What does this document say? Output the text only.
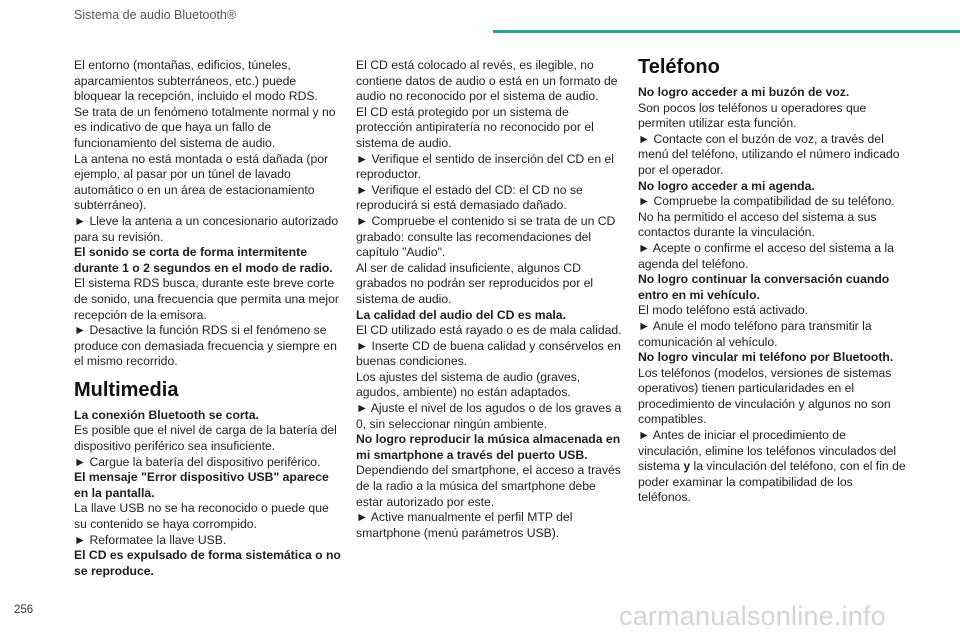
Sistema de audio Bluetooth®

El entorno (montañas, edificios, túneles, aparcamientos subterráneos, etc.) puede bloquear la recepción, incluido el modo RDS.

Se trata de un fenómeno totalmente normal y no es indicativo de que haya un fallo de funcionamiento del sistema de audio.

La antena no está montada o está dañada (por ejemplo, al pasar por un túnel de lavado automático o en un área de estacionamiento subterráneo).

► Lleve la antena a un concesionario autorizado para su revisión.

El sonido se corta de forma intermitente durante 1 o 2 segundos en el modo de radio.

El sistema RDS busca, durante este breve corte de sonido, una frecuencia que permita una mejor recepción de la emisora.

► Desactive la función RDS si el fenómeno se produce con demasiada frecuencia y siempre en el mismo recorrido.

Multimedia

La conexión Bluetooth se corta.

Es posible que el nivel de carga de la batería del dispositivo periférico sea insuficiente.

► Cargue la batería del dispositivo periférico.

El mensaje "Error dispositivo USB" aparece en la pantalla.

La llave USB no se ha reconocido o puede que su contenido se haya corrompido.

► Reformatee la llave USB.

El CD es expulsado de forma sistemática o no se reproduce.

El CD está colocado al revés, es ilegible, no contiene datos de audio o está en un formato de audio no reconocido por el sistema de audio.

El CD está protegido por un sistema de protección antipiratería no reconocido por el sistema de audio.

► Verifique el sentido de inserción del CD en el reproductor.

► Verifique el estado del CD: el CD no se reproducirá si está demasiado dañado.

► Compruebe el contenido si se trata de un CD grabado: consulte las recomendaciones del capítulo "Audio".

Al ser de calidad insuficiente, algunos CD grabados no podrán ser reproducidos por el sistema de audio.

La calidad del audio del CD es mala.

El CD utilizado está rayado o es de mala calidad.

► Inserte CD de buena calidad y consérvelos en buenas condiciones.

Los ajustes del sistema de audio (graves, agudos, ambiente) no están adaptados.

► Ajuste el nivel de los agudos o de los graves a 0, sin seleccionar ningún ambiente.

No logro reproducir la música almacenada en mi smartphone a través del puerto USB.

Dependiendo del smartphone, el acceso a través de la radio a la música del smartphone debe estar autorizado por este.

► Active manualmente el perfil MTP del smartphone (menú parámetros USB).

Teléfono

No logro acceder a mi buzón de voz.

Son pocos los teléfonos u operadores que permiten utilizar esta función.

► Contacte con el buzón de voz, a través del menú del teléfono, utilizando el número indicado por el operador.

No logro acceder a mi agenda.

► Compruebe la compatibilidad de su teléfono.

No ha permitido el acceso del sistema a sus contactos durante la vinculación.

► Acepte o confirme el acceso del sistema a la agenda del teléfono.

No logro continuar la conversación cuando entro en mi vehículo.

El modo teléfono está activado.

► Anule el modo teléfono para transmitir la comunicación al vehículo.

No logro vincular mi teléfono por Bluetooth.

Los teléfonos (modelos, versiones de sistemas operativos) tienen particularidades en el procedimiento de vinculación y algunos no son compatibles.

► Antes de iniciar el procedimiento de vinculación, elimine los teléfonos vinculados del sistema y la vinculación del teléfono, con el fin de poder examinar la compatibilidad de los teléfonos.

256	carmanualsonline.info
